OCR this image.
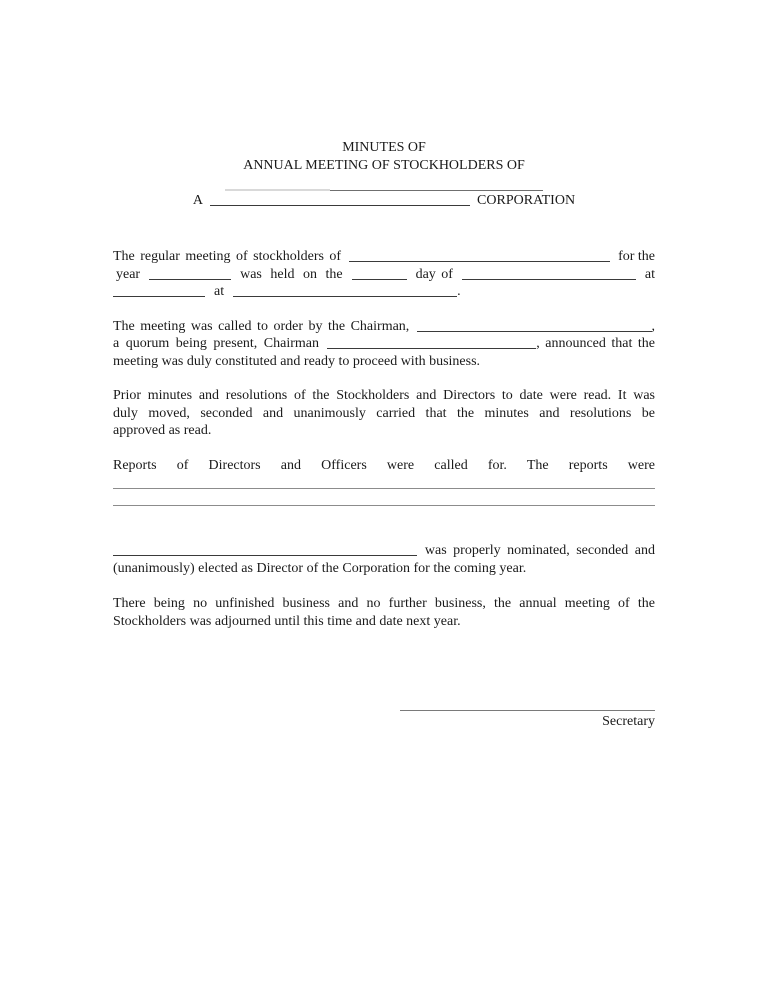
MINUTES OF
ANNUAL MEETING OF STOCKHOLDERS OF
A	CORPORATION
The regular meeting of stockholders of	for the
year	was held on the	day of	at
at	.
The meeting was called to order by the Chairman,	,
a quorum being present, Chairman	, announced that the
meeting was duly constituted and ready to proceed with business.
Prior minutes and resolutions of the Stockholders and Directors to date were read. It was
duly moved, seconded and unanimously carried that the minutes and resolutions be
approved as read.
Reports of Directors and Officers were called for. The reports were
was properly nominated, seconded and
(unanimously) elected as Director of the Corporation for the coming year.
There being no unfinished business and no further business, the annual meeting of the
Stockholders was adjourned until this time and date next year.
Secretary
